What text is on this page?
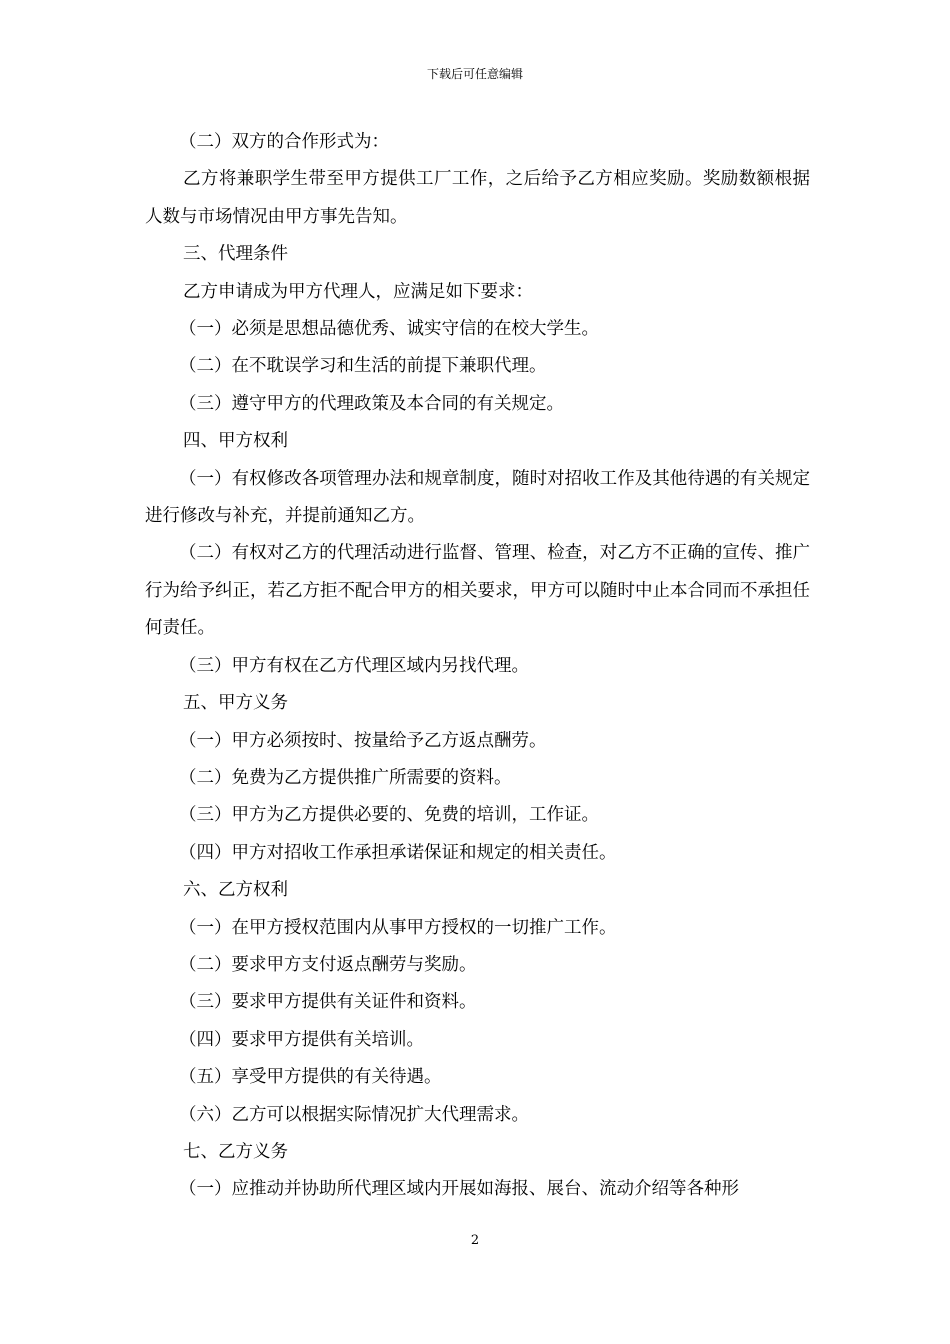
下载后可任意编辑

（二）双方的合作形式为：

乙方将兼职学生带至甲方提供工厂工作，之后给予乙方相应奖励。奖励数额根据人数与市场情况由甲方事先告知。

三、代理条件

乙方申请成为甲方代理人，应满足如下要求：

（一）必须是思想品德优秀、诚实守信的在校大学生。

（二）在不耽误学习和生活的前提下兼职代理。

（三）遵守甲方的代理政策及本合同的有关规定。

四、甲方权利

（一）有权修改各项管理办法和规章制度，随时对招收工作及其他待遇的有关规定进行修改与补充，并提前通知乙方。

（二）有权对乙方的代理活动进行监督、管理、检查，对乙方不正确的宣传、推广行为给予纠正，若乙方拒不配合甲方的相关要求，甲方可以随时中止本合同而不承担任何责任。

（三）甲方有权在乙方代理区域内另找代理。

五、甲方义务

（一）甲方必须按时、按量给予乙方返点酬劳。

（二）免费为乙方提供推广所需要的资料。

（三）甲方为乙方提供必要的、免费的培训，工作证。

（四）甲方对招收工作承担承诺保证和规定的相关责任。

六、乙方权利

（一）在甲方授权范围内从事甲方授权的一切推广工作。

（二）要求甲方支付返点酬劳与奖励。

（三）要求甲方提供有关证件和资料。

（四）要求甲方提供有关培训。

（五）享受甲方提供的有关待遇。

（六）乙方可以根据实际情况扩大代理需求。

七、乙方义务

（一）应推动并协助所代理区域内开展如海报、展台、流动介绍等各种形

2
